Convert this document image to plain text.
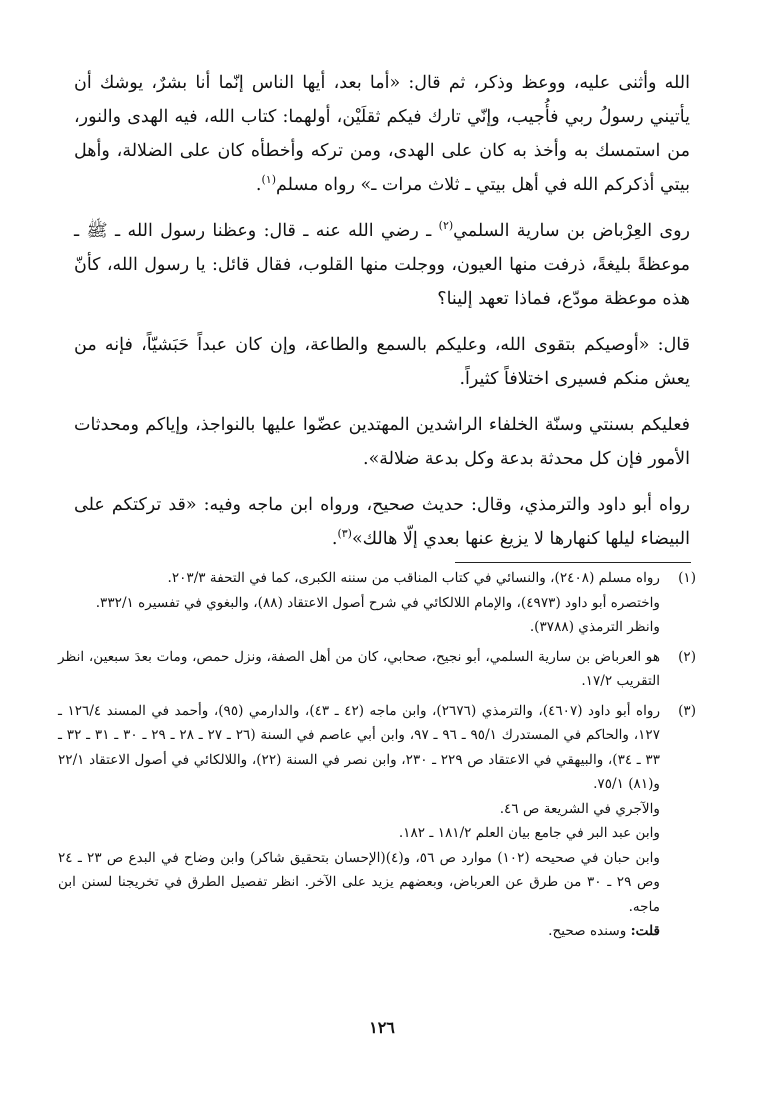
الله وأثنى عليه، ووعظ وذكر، ثم قال: «أما بعد، أيها الناس إنّما أنا بشرٌ، يوشك أن يأتيني رسولُ ربي فأُجيب، وإنّي تارك فيكم ثقلَيْن، أولهما: كتاب الله، فيه الهدى والنور، من استمسك به وأخذ به كان على الهدى، ومن تركه وأخطأه كان على الضلالة، وأهل بيتي أذكركم الله في أهل بيتي ـ ثلاث مرات ـ» رواه مسلم$^{(١)}$.

روى العِرْباض بن سارية السلمي$^{(٢)}$ ـ رضي الله عنه ـ قال: وعظنا رسول الله ـ ﷺ ـ موعظةً بليغةً، ذرفت منها العيون، ووجلت منها القلوب، فقال قائل: يا رسول الله، كأنّ هذه موعظة مودّع، فماذا تعهد إلينا؟

قال: «أوصيكم بتقوى الله، وعليكم بالسمع والطاعة، وإن كان عبداً حَبَشيّاً، فإنه من يعش منكم فسيرى اختلافاً كثيراً.

فعليكم بسنتي وسنّة الخلفاء الراشدين المهتدين عضّوا عليها بالنواجذ، وإياكم ومحدثات الأمور فإن كل محدثة بدعة وكل بدعة ضلالة».

رواه أبو داود والترمذي، وقال: حديث صحيح، ورواه ابن ماجه وفيه: «قد تركتكم على البيضاء ليلها كنهارها لا يزيغ عنها بعدي إلّا هالك»$^{(٣)}$.

(١)
رواه مسلم (٢٤٠٨)، والنسائي في كتاب المناقب من سننه الكبرى، كما في التحفة ٢٠٣/٣.
واختصره أبو داود (٤٩٧٣)، والإمام اللالكائي في شرح أصول الاعتقاد (٨٨)، والبغوي في تفسيره ٣٣٢/١.
وانظر الترمذي (٣٧٨٨).
(٢)
هو العرباض بن سارية السلمي، أبو نجيح، صحابي، كان من أهل الصفة، ونزل حمص، ومات بعدَ سبعين، انظر التقريب ١٧/٢.
(٣)
رواه أبو داود (٤٦٠٧)، والترمذي (٢٦٧٦)، وابن ماجه (٤٢ ـ ٤٣)، والدارمي (٩٥)، وأحمد في المسند ١٢٦/٤ ـ ١٢٧، والحاكم في المستدرك ٩٥/١ ـ ٩٦ ـ ٩٧، وابن أبي عاصم في السنة (٢٦ ـ ٢٧ ـ ٢٨ ـ ٢٩ ـ ٣٠ ـ ٣١ ـ ٣٢ ـ ٣٣ ـ ٣٤)، والبيهقي في الاعتقاد ص ٢٢٩ ـ ٢٣٠، وابن نصر في السنة (٢٢)، واللالكائي في أصول الاعتقاد ٢٢/١ و(٨١) ٧٥/١.
والآجري في الشريعة ص ٤٦.
وابن عبد البر في جامع بيان العلم ١٨١/٢ ـ ١٨٢.
وابن حبان في صحيحه (١٠٢) موارد ص ٥٦، و(٤)(الإحسان بتحقيق شاكر) وابن وضاح في البدع ص ٢٣ ـ ٢٤ وص ٢٩ ـ ٣٠ من طرق عن العرباض، وبعضهم يزيد على الآخر. انظر تفصيل الطرق في تخريجنا لسنن ابن ماجه.
قلت: وسنده صحيح.
١٢٦
